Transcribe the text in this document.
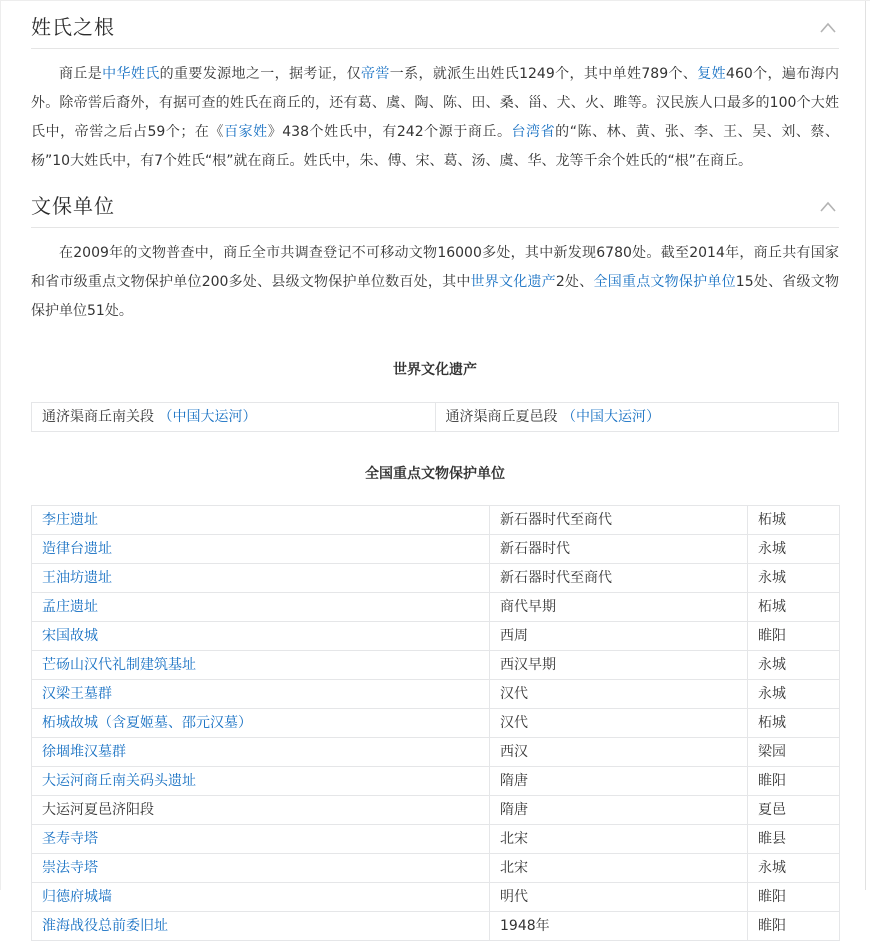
姓氏之根

商丘是中华姓氏的重要发源地之一，据考证，仅帝喾一系，就派生出姓氏1249个，其中单姓789个、复姓460个，遍布海内外。除帝喾后裔外，有据可查的姓氏在商丘的，还有葛、虞、陶、陈、田、桑、甾、犬、火、雎等。汉民族人口最多的100个大姓氏中，帝喾之后占59个；在《百家姓》438个姓氏中，有242个源于商丘。台湾省的“陈、林、黄、张、李、王、吴、刘、蔡、杨”10大姓氏中，有7个姓氏“根”就在商丘。姓氏中，朱、傅、宋、葛、汤、虞、华、龙等千余个姓氏的“根”在商丘。

文保单位

在2009年的文物普查中，商丘全市共调查登记不可移动文物16000多处，其中新发现6780处。截至2014年，商丘共有国家和省市级重点文物保护单位200多处、县级文物保护单位数百处，其中世界文化遗产2处、全国重点文物保护单位15处、省级文物保护单位51处。

世界文化遗产
通济渠商丘南关段 （中国大运河）	通济渠商丘夏邑段 （中国大运河）
全国重点文物保护单位
李庄遗址	新石器时代至商代	柘城
造律台遗址	新石器时代	永城
王油坊遗址	新石器时代至商代	永城
孟庄遗址	商代早期	柘城
宋国故城	西周	睢阳
芒砀山汉代礼制建筑基址	西汉早期	永城
汉梁王墓群	汉代	永城
柘城故城（含夏姬墓、邵元汉墓）	汉代	柘城
徐堌堆汉墓群	西汉	梁园
大运河商丘南关码头遗址	隋唐	睢阳
大运河夏邑济阳段	隋唐	夏邑
圣寿寺塔	北宋	睢县
崇法寺塔	北宋	永城
归德府城墙	明代	睢阳
淮海战役总前委旧址	1948年	睢阳
